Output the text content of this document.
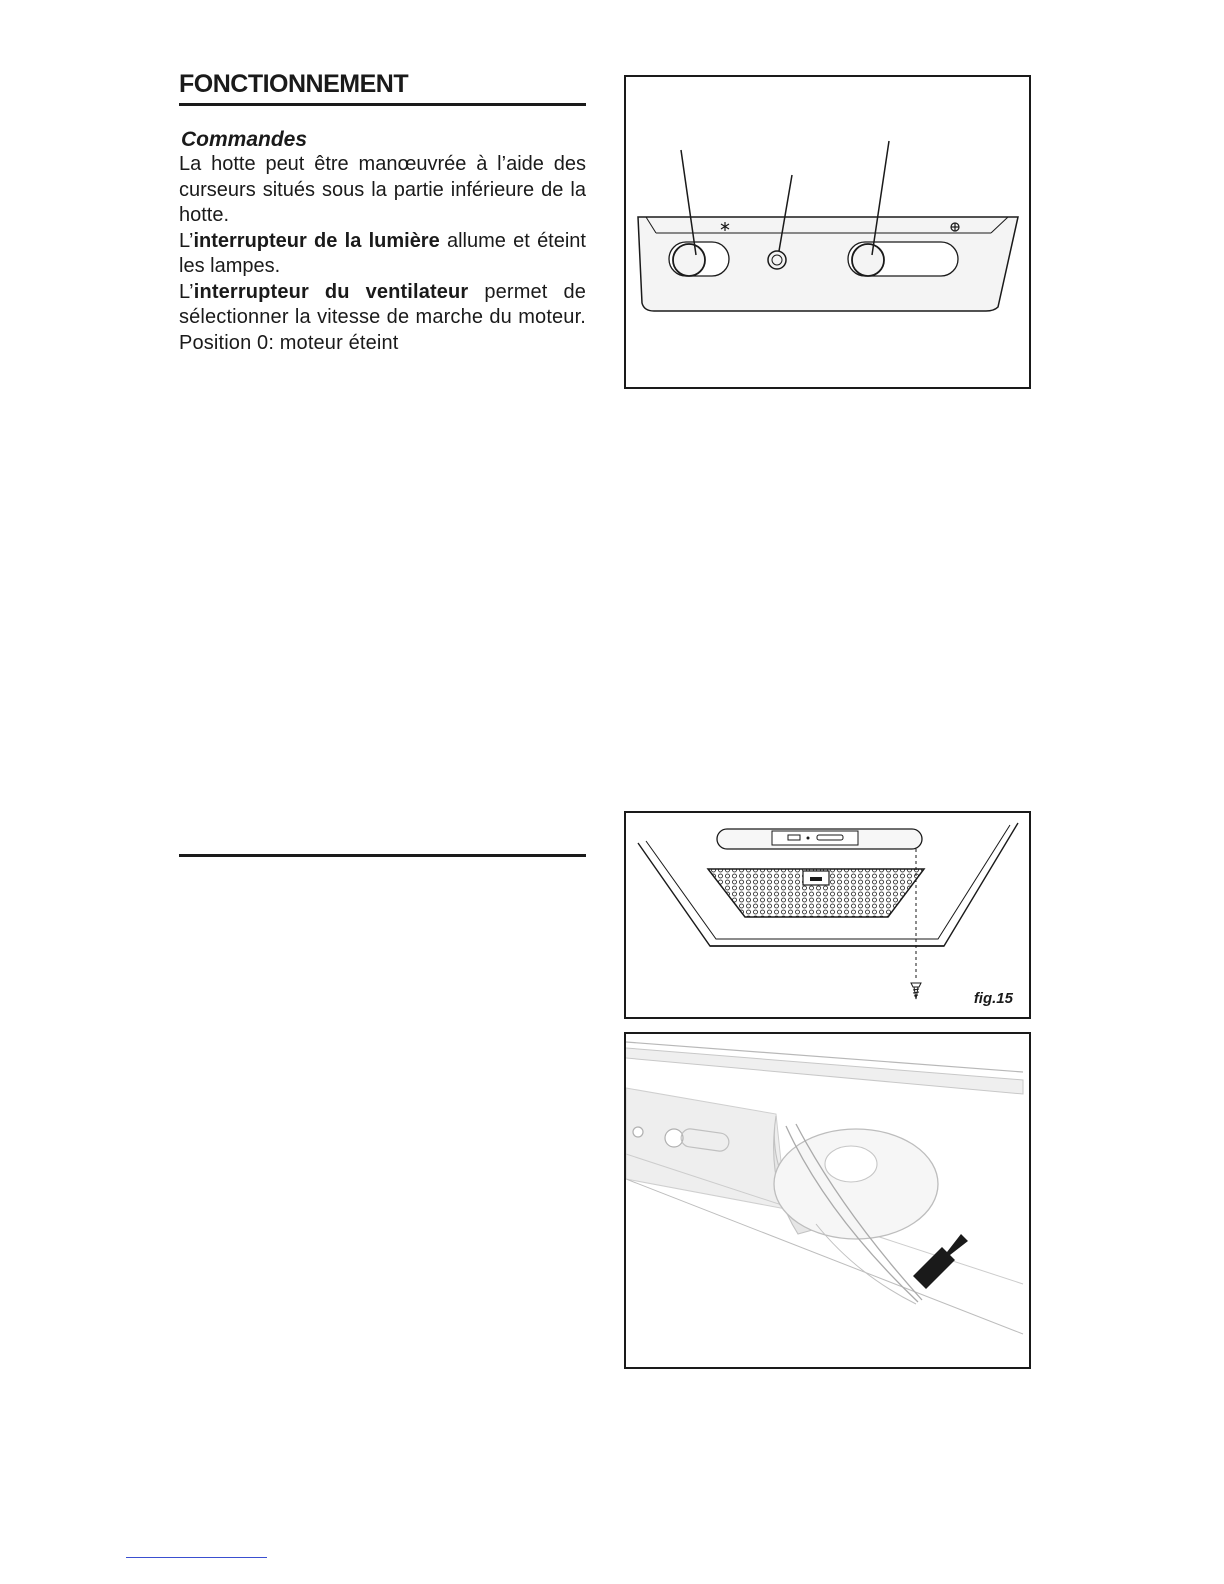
FONCTIONNEMENT
Commandes

La hotte peut être manœuvrée à l’aide des curseurs situés sous la partie inférieure de la hotte.

L’interrupteur de la lumière allume et éteint les lampes.

L’interrupteur du ventilateur permet de sélectionner la vitesse de marche du moteur. Position 0: moteur éteint

fig.15
